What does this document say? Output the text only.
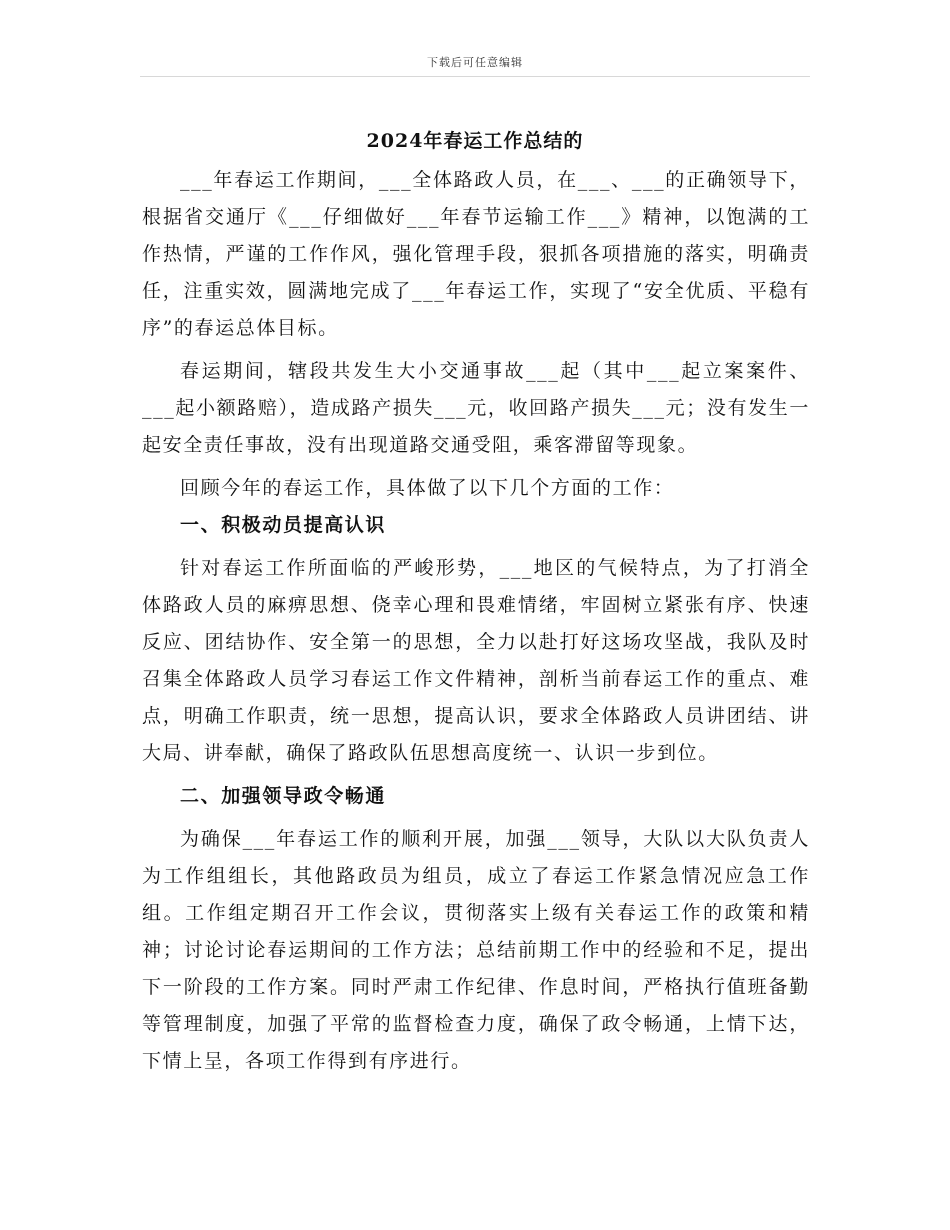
下载后可任意编辑
2024年春运工作总结的

___年春运工作期间，___全体路政人员，在___、___的正确领导下，根据省交通厅《___仔细做好___年春节运输工作___》精神，以饱满的工作热情，严谨的工作作风，强化管理手段，狠抓各项措施的落实，明确责任，注重实效，圆满地完成了___年春运工作，实现了“安全优质、平稳有序”的春运总体目标。

春运期间，辖段共发生大小交通事故___起（其中___起立案案件、___起小额路赔），造成路产损失___元，收回路产损失___元；没有发生一起安全责任事故，没有出现道路交通受阻，乘客滞留等现象。

回顾今年的春运工作，具体做了以下几个方面的工作：

一、积极动员提高认识

针对春运工作所面临的严峻形势，___地区的气候特点，为了打消全体路政人员的麻痹思想、侥幸心理和畏难情绪，牢固树立紧张有序、快速反应、团结协作、安全第一的思想，全力以赴打好这场攻坚战，我队及时召集全体路政人员学习春运工作文件精神，剖析当前春运工作的重点、难点，明确工作职责，统一思想，提高认识，要求全体路政人员讲团结、讲大局、讲奉献，确保了路政队伍思想高度统一、认识一步到位。

二、加强领导政令畅通

为确保___年春运工作的顺利开展，加强___领导，大队以大队负责人为工作组组长，其他路政员为组员，成立了春运工作紧急情况应急工作组。工作组定期召开工作会议，贯彻落实上级有关春运工作的政策和精神；讨论讨论春运期间的工作方法；总结前期工作中的经验和不足，提出下一阶段的工作方案。同时严肃工作纪律、作息时间，严格执行值班备勤等管理制度，加强了平常的监督检查力度，确保了政令畅通，上情下达，下情上呈，各项工作得到有序进行。
